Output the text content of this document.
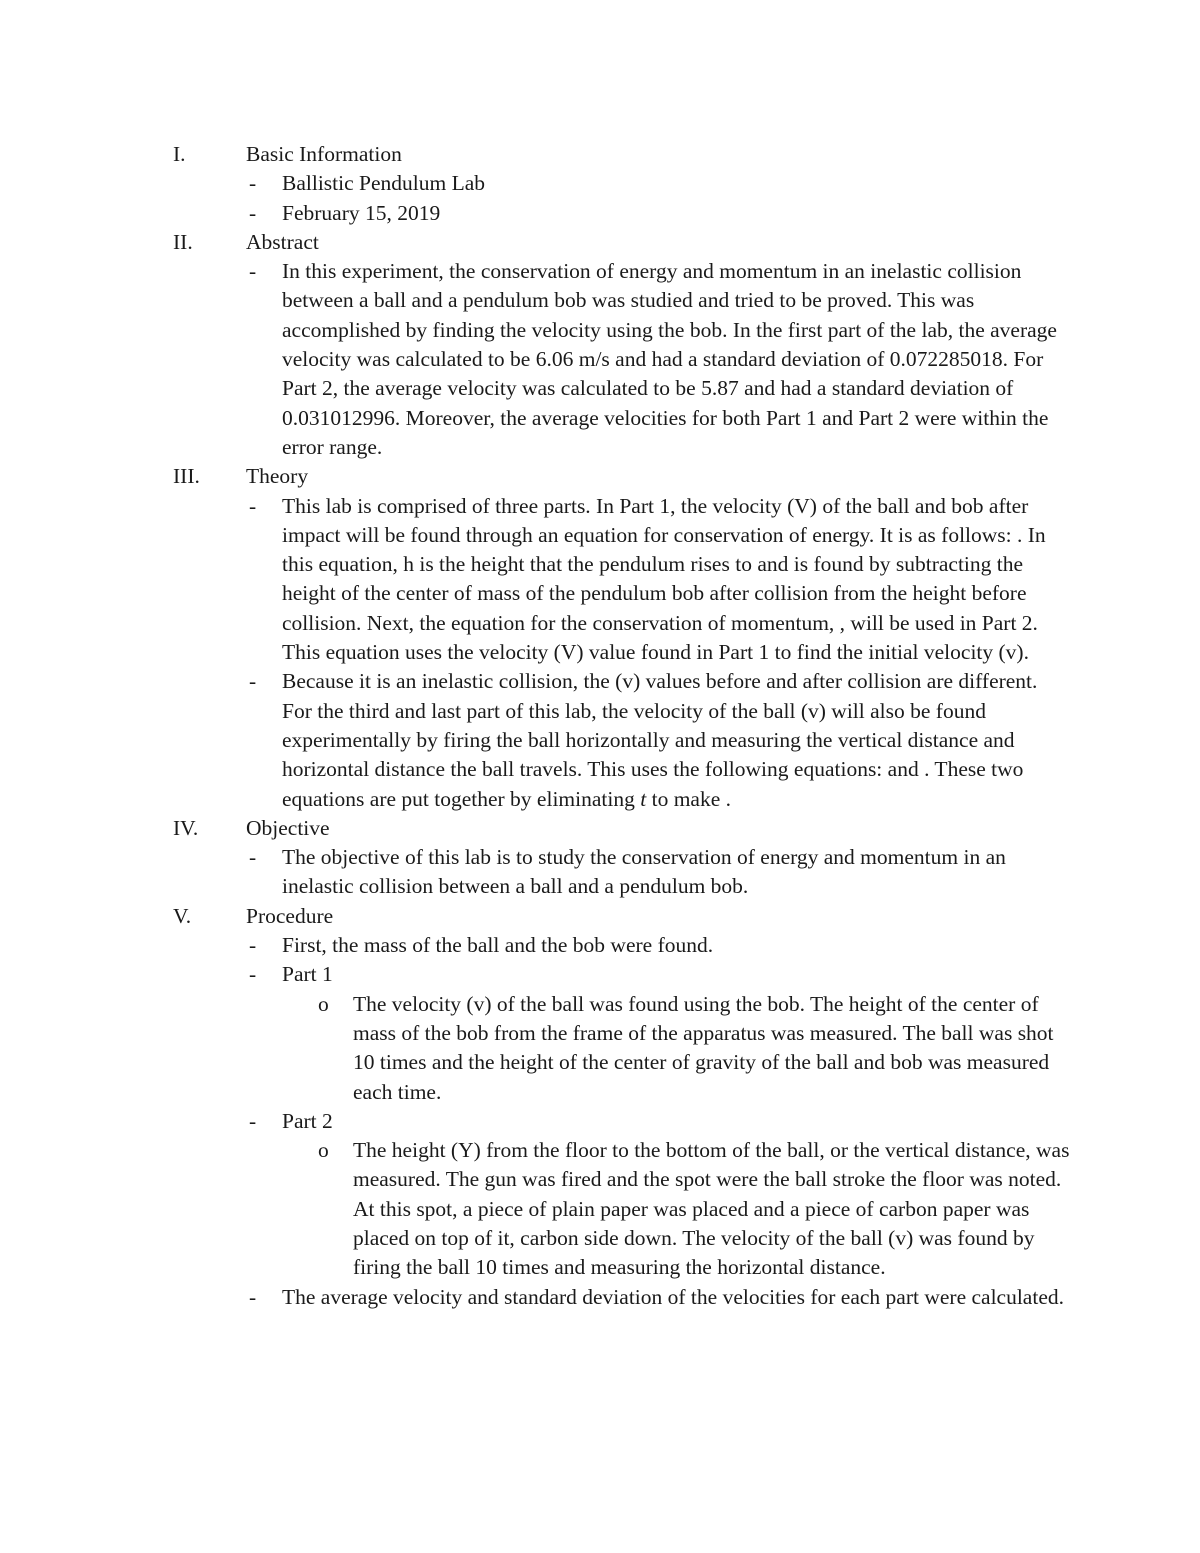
I.	Basic Information
- Ballistic Pendulum Lab
- February 15, 2019
II. Abstract
- In this experiment, the conservation of energy and momentum in an inelastic collision between a ball and a pendulum bob was studied and tried to be proved. This was accomplished by finding the velocity using the bob. In the first part of the lab, the average velocity was calculated to be 6.06 m/s and had a standard deviation of 0.072285018. For Part 2, the average velocity was calculated to be 5.87 and had a standard deviation of 0.031012996. Moreover, the average velocities for both Part 1 and Part 2 were within the error range.
III. Theory
- This lab is comprised of three parts. In Part 1, the velocity (V) of the ball and bob after impact will be found through an equation for conservation of energy. It is as follows: . In this equation, h is the height that the pendulum rises to and is found by subtracting the height of the center of mass of the pendulum bob after collision from the height before collision. Next, the equation for the conservation of momentum, , will be used in Part 2. This equation uses the velocity (V) value found in Part 1 to find the initial velocity (v).
- Because it is an inelastic collision, the (v) values before and after collision are different. For the third and last part of this lab, the velocity of the ball (v) will also be found experimentally by firing the ball horizontally and measuring the vertical distance and horizontal distance the ball travels. This uses the following equations: and . These two equations are put together by eliminating t to make .
IV. Objective
- The objective of this lab is to study the conservation of energy and momentum in an inelastic collision between a ball and a pendulum bob.
V.	Procedure
- First, the mass of the ball and the bob were found.
- Part 1
o The velocity (v) of the ball was found using the bob. The height of the center of mass of the bob from the frame of the apparatus was measured. The ball was shot 10 times and the height of the center of gravity of the ball and bob was measured each time.
- Part 2
o The height (Y) from the floor to the bottom of the ball, or the vertical distance, was measured. The gun was fired and the spot were the ball stroke the floor was noted. At this spot, a piece of plain paper was placed and a piece of carbon paper was placed on top of it, carbon side down. The velocity of the ball (v) was found by firing the ball 10 times and measuring the horizontal distance.
- The average velocity and standard deviation of the velocities for each part were calculated.
